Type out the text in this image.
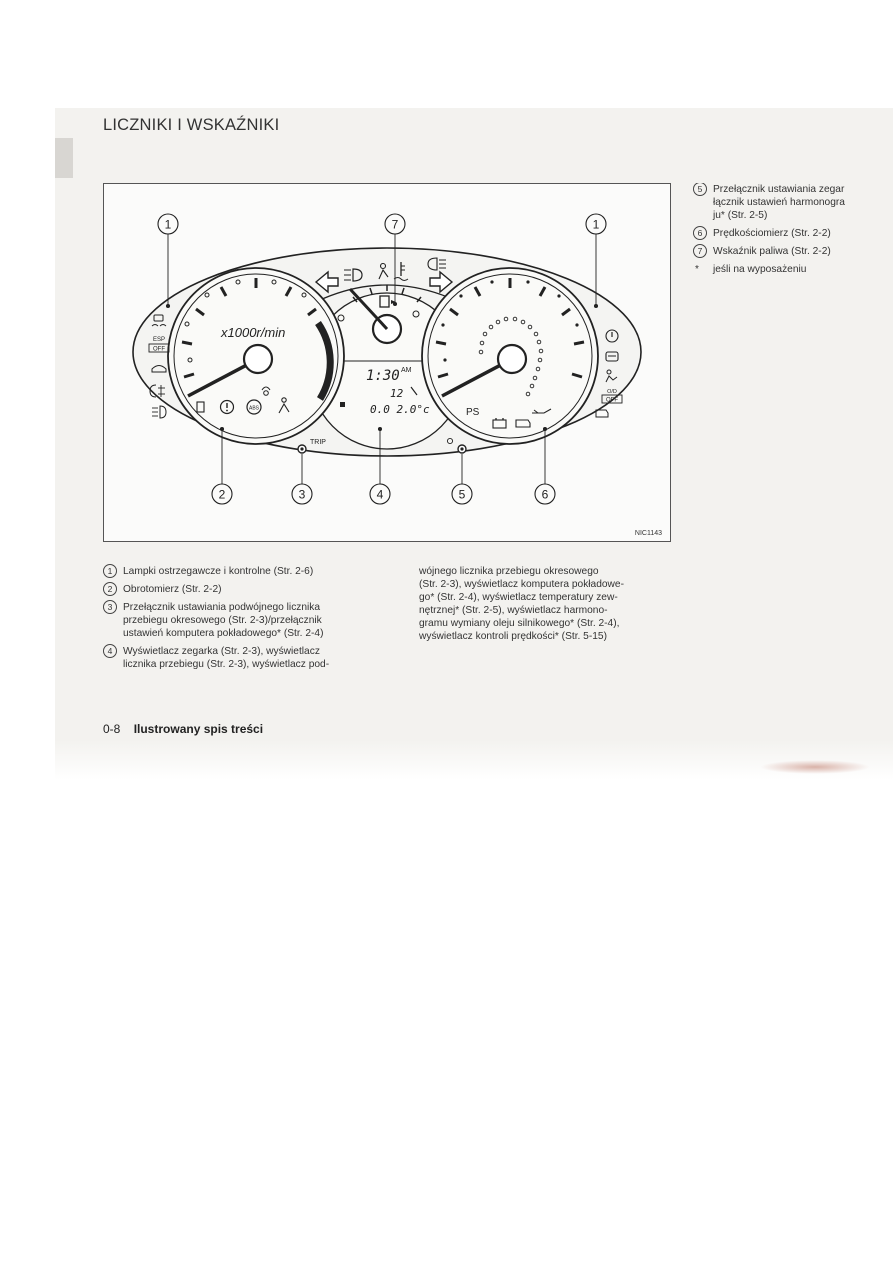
LICZNIKI I WSKAŹNIKI
x1000r/min
ABS	PS
ESP
OFF
O/D
OFF
1:30 AM
12
0.0 2.0°c
TRIP
1	7	1
2	3	4	5	6
NIC1143
1	Lampki ostrzegawcze i kontrolne (Str. 2-6)
2	Obrotomierz (Str. 2-2)
3	Przełącznik ustawiania podwójnego licznika
przebiegu okresowego (Str. 2-3)/przełącznik
ustawień komputera pokładowego* (Str. 2-4)
4	Wyświetlacz zegarka (Str. 2-3), wyświetlacz
licznika przebiegu (Str. 2-3), wyświetlacz pod-
wójnego licznika przebiegu okresowego
(Str. 2-3), wyświetlacz komputera pokładowe-
go* (Str. 2-4), wyświetlacz temperatury zew-
nętrznej* (Str. 2-5), wyświetlacz harmono-
gramu wymiany oleju silnikowego* (Str. 2-4),
wyświetlacz kontroli prędkości* (Str. 5-15)
5	Przełącznik ustawiania zegar
łącznik ustawień harmonogra
ju* (Str. 2-5)
6	Prędkościomierz (Str. 2-2)
7	Wskaźnik paliwa (Str. 2-2)
* jeśli na wyposażeniu
0-8 Ilustrowany spis treści
